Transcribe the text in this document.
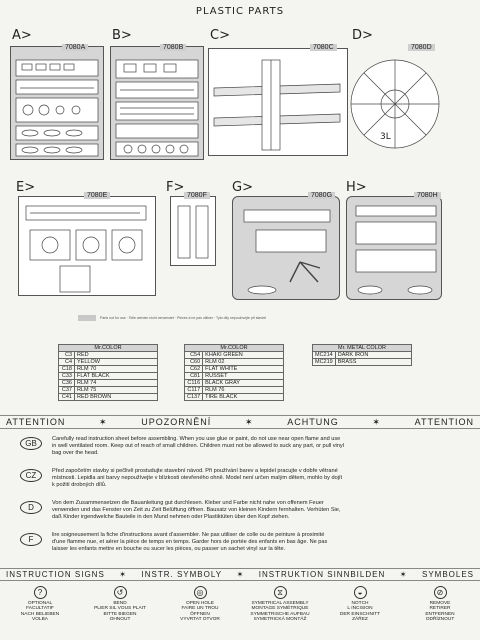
PLASTIC PARTS
A>
7080A
B>
7080B
C>
7080C
D>
7080D
3L
E>
7080E
F>
7080F
G>
7080G
H>
7080H
Parts not for use · Teile werden nicht verwendet · Pièces à ne pas utiliser · Tyto díly nepoužívejte při stavbě
Mr.COLOR	
C3	RED
C4	YELLOW
C18	RLM 70
C33	FLAT BLACK
C36	RLM 74
C37	RLM 75
C41	RED BROWN
Mr.COLOR	
C54	KHAKI GREEN
C60	RLM 02
C62	FLAT WHITE
C81	RUSSET
C116	BLACK GRAY
C117	RLM 76
C137	TIRE BLACK
Mr. METAL COLOR	
MC214	DARK IRON
MC219	BRASS
ATTENTION	✶	UPOZORNĚNÍ	✶	ACHTUNG	✶	ATTENTION
GB	Carefully read instruction sheet before assembling. When you use glue or paint, do not use near open flame and use
in well ventilated room. Keep out of reach of small children. Children must not be allowed to suck any part, or pull vinyl
bag over the head.
CZ	Před započetím stavby si pečlivě prostudujte stavební návod. Při používání barev a lepidel pracujte v dobře větrané
místnosti. Lepidla ani barvy nepoužívejte v blízkosti otevřeného ohně. Model není určen malým dětem, mohlo by dojít
k požití drobných dílů.
D	Von dem Zusammensetzen die Bauanleitung gut durchlesen. Kleber und Farbe nicht nahe von offenem Feuer
verwenden und das Fenster von Zeit zu Zeit Belüftung öffnen. Bausatz von kleinen Kindern fernhalten. Verhüten Sie,
daß Kinder irgendwelche Bauteile in den Mund nehmen oder Plastiktüten über den Kopf ziehen.
F	lire soigneusement la fiche d'instructions avant d'assembler. Ne pas utiliser de colle ou de peinture à proximité
d'une flamme nue, et aérer la pièce de temps en temps. Garder hors de portée des enfants en bas âge. Ne pas
laisser les enfants mettre en bouche ou sucer les pièces, ou passer un sachet vinyl sur la tête.
INSTRUCTION SIGNS ✶ INSTR. SYMBOLY ✶ INSTRUKTION SINNBILDEN ✶ SYMBOLES
?
OPTIONAL
FACULTATIF
NACH BELIEBEN
VOLBA
↺
BEND
PLIER SIL VOUS PLAIT
BITTE BIEGEN
OHNOUT
◎
OPEN HOLE
FAIRE UN TROU
ÖFFNEN
VYVRTAT OTVOR
⧖
SYMETRICAL ASSEMBLY
MONTAGE SYMÉTRIQUE
SYMMETRISCHE AUFBAU
SYMETRICKÁ MONTÁŽ
◒
NOTCH
L INCISION
DER EINSCHNITT
ZÁŘEZ
⊘
REMOVE
RETIRER
ENTFERNEN
ODŘÍZNOUT
